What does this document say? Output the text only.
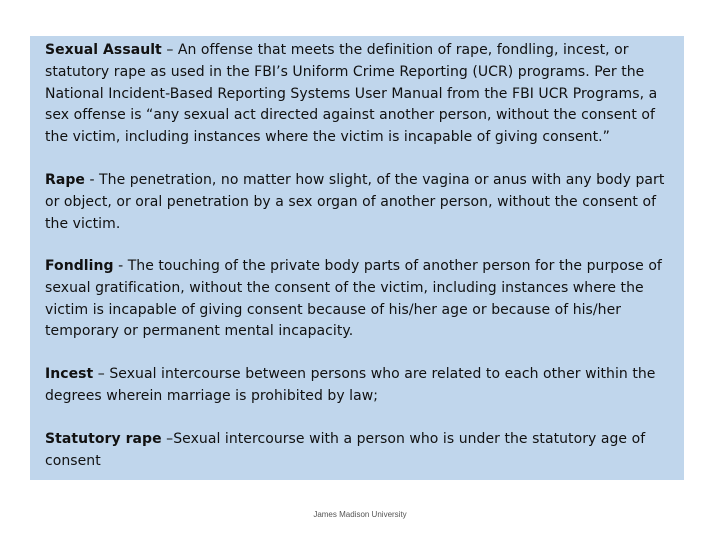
Sexual Assault – An offense that meets the definition of rape, fondling, incest, or statutory rape as used in the FBI’s Uniform Crime Reporting (UCR) programs. Per the National Incident-Based Reporting Systems User Manual from the FBI UCR Programs, a sex offense is “any sexual act directed against another person, without the consent of the victim, including instances where the victim is incapable of giving consent.”

Rape - The penetration, no matter how slight, of the vagina or anus with any body part or object, or oral penetration by a sex organ of another person, without the consent of the victim.

Fondling - The touching of the private body parts of another person for the purpose of sexual gratification, without the consent of the victim, including instances where the victim is incapable of giving consent because of his/her age or because of his/her temporary or permanent mental incapacity.

Incest – Sexual intercourse between persons who are related to each other within the degrees wherein marriage is prohibited by law;

Statutory rape –Sexual intercourse with a person who is under the statutory age of consent

James Madison University
